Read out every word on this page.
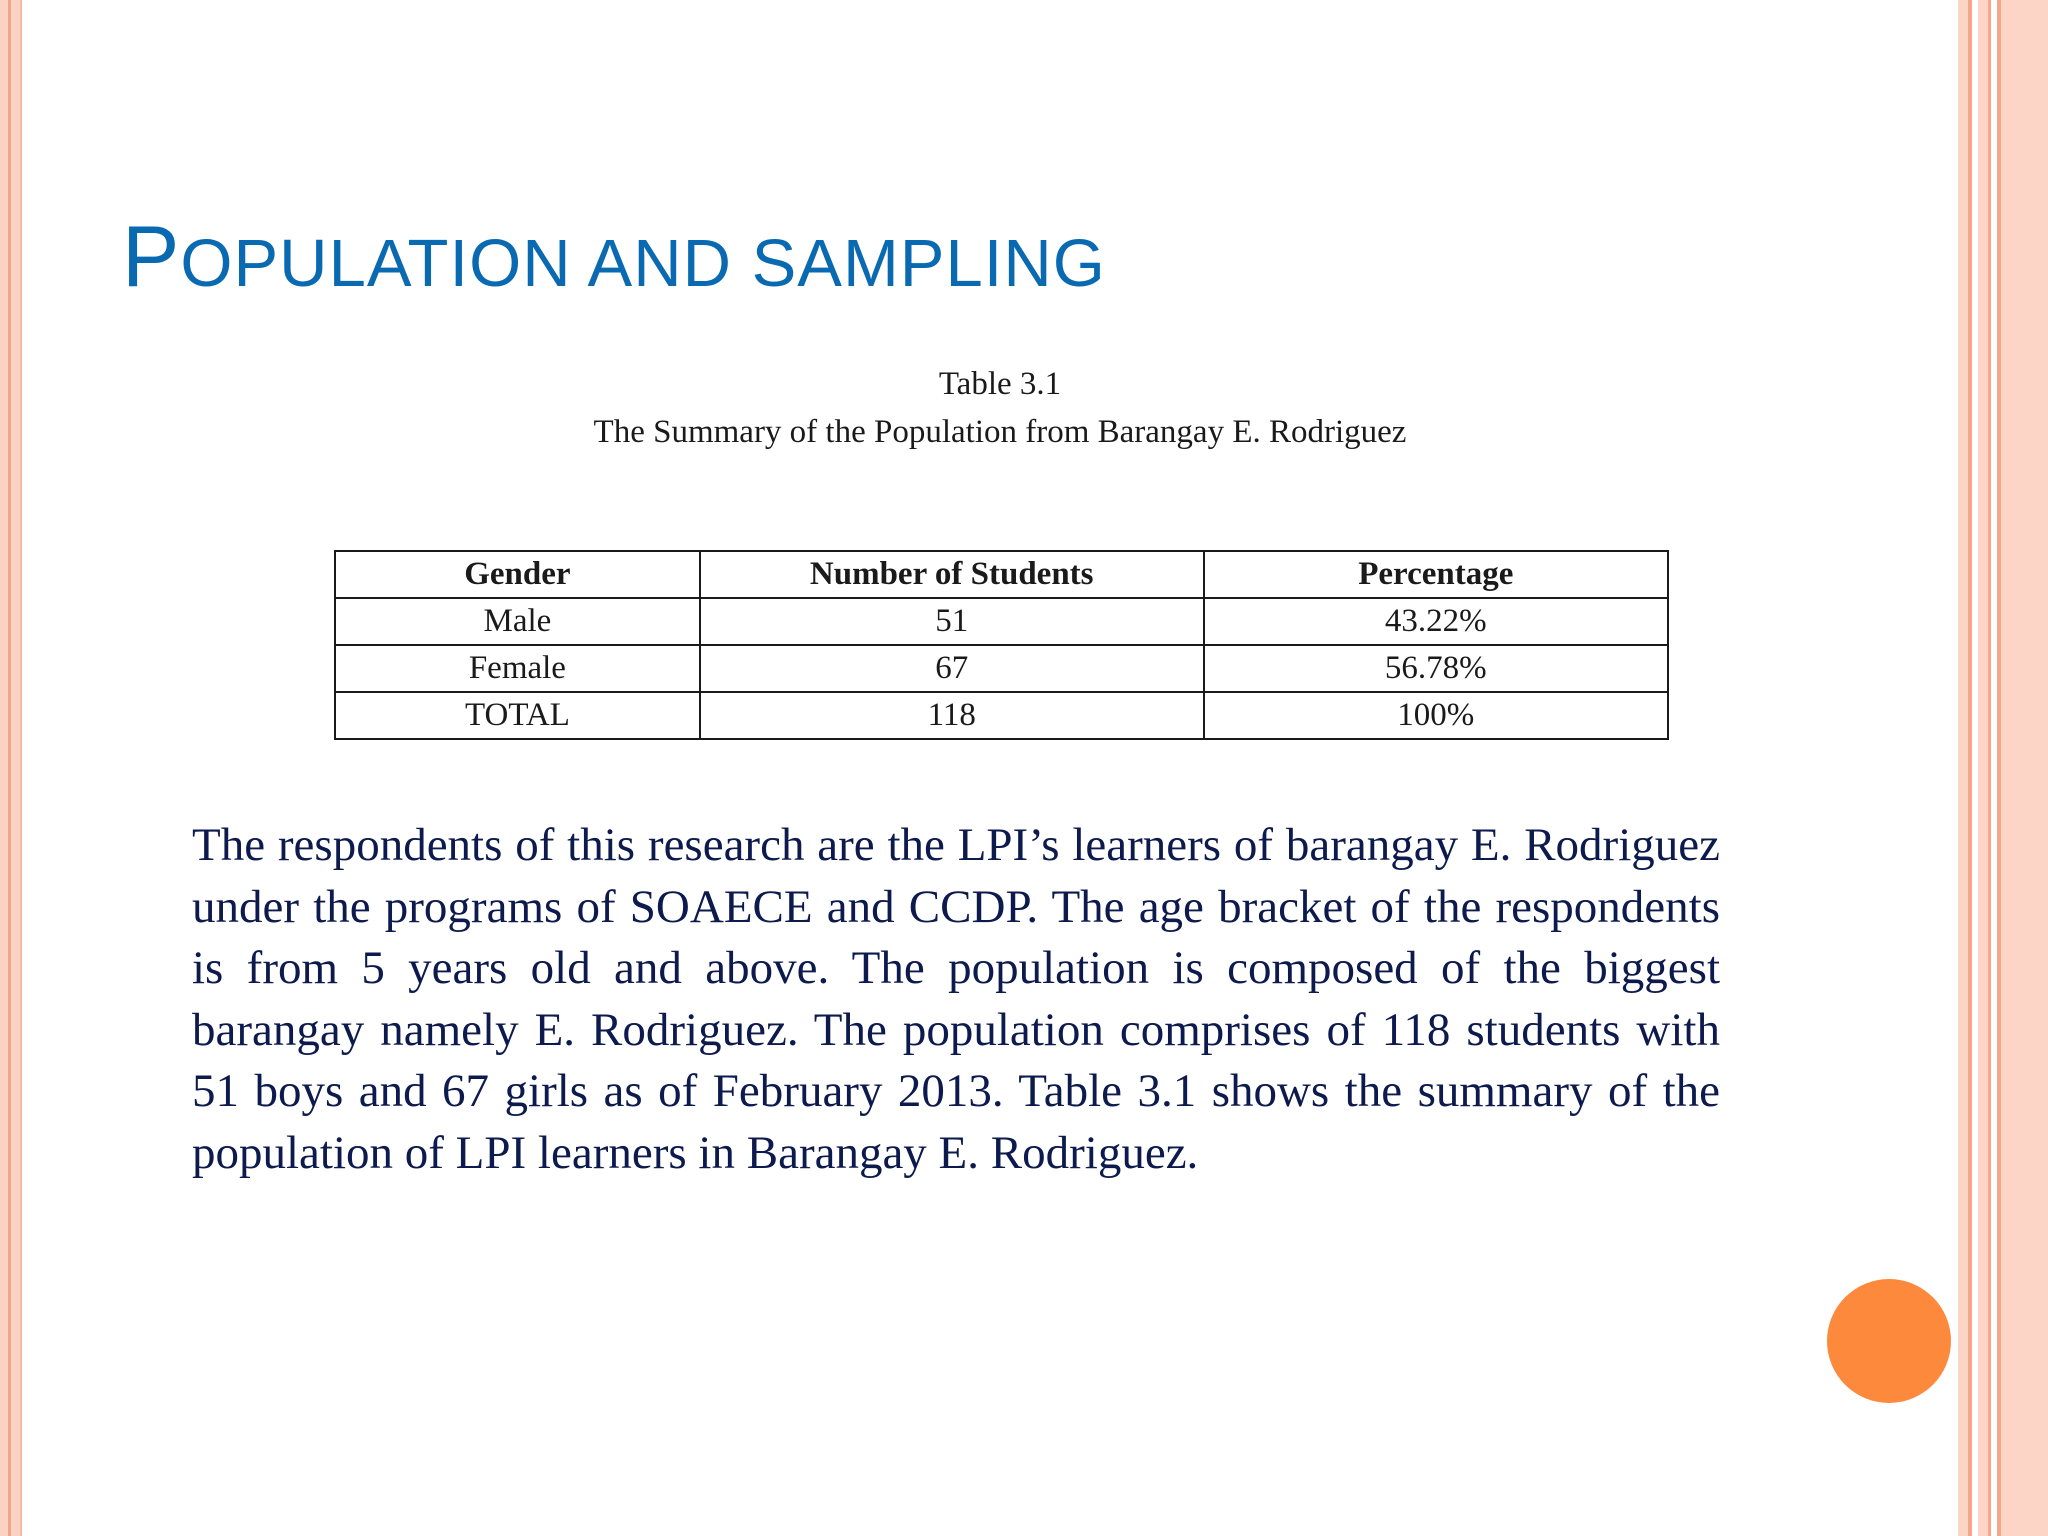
POPULATION AND SAMPLING
Table 3.1
The Summary of the Population from Barangay E. Rodriguez
Gender	Number of Students	Percentage
Male	51	43.22%
Female	67	56.78%
TOTAL	118	100%

The respondents of this research are the LPI’s learners of barangay E. Rodriguez under the programs of SOAECE and CCDP. The age bracket of the respondents is from 5 years old and above. The population is composed of the biggest barangay namely E. Rodriguez. The population comprises of 118 students with 51 boys and 67 girls as of February 2013. Table 3.1 shows the summary of the population of LPI learners in Barangay E. Rodriguez.
